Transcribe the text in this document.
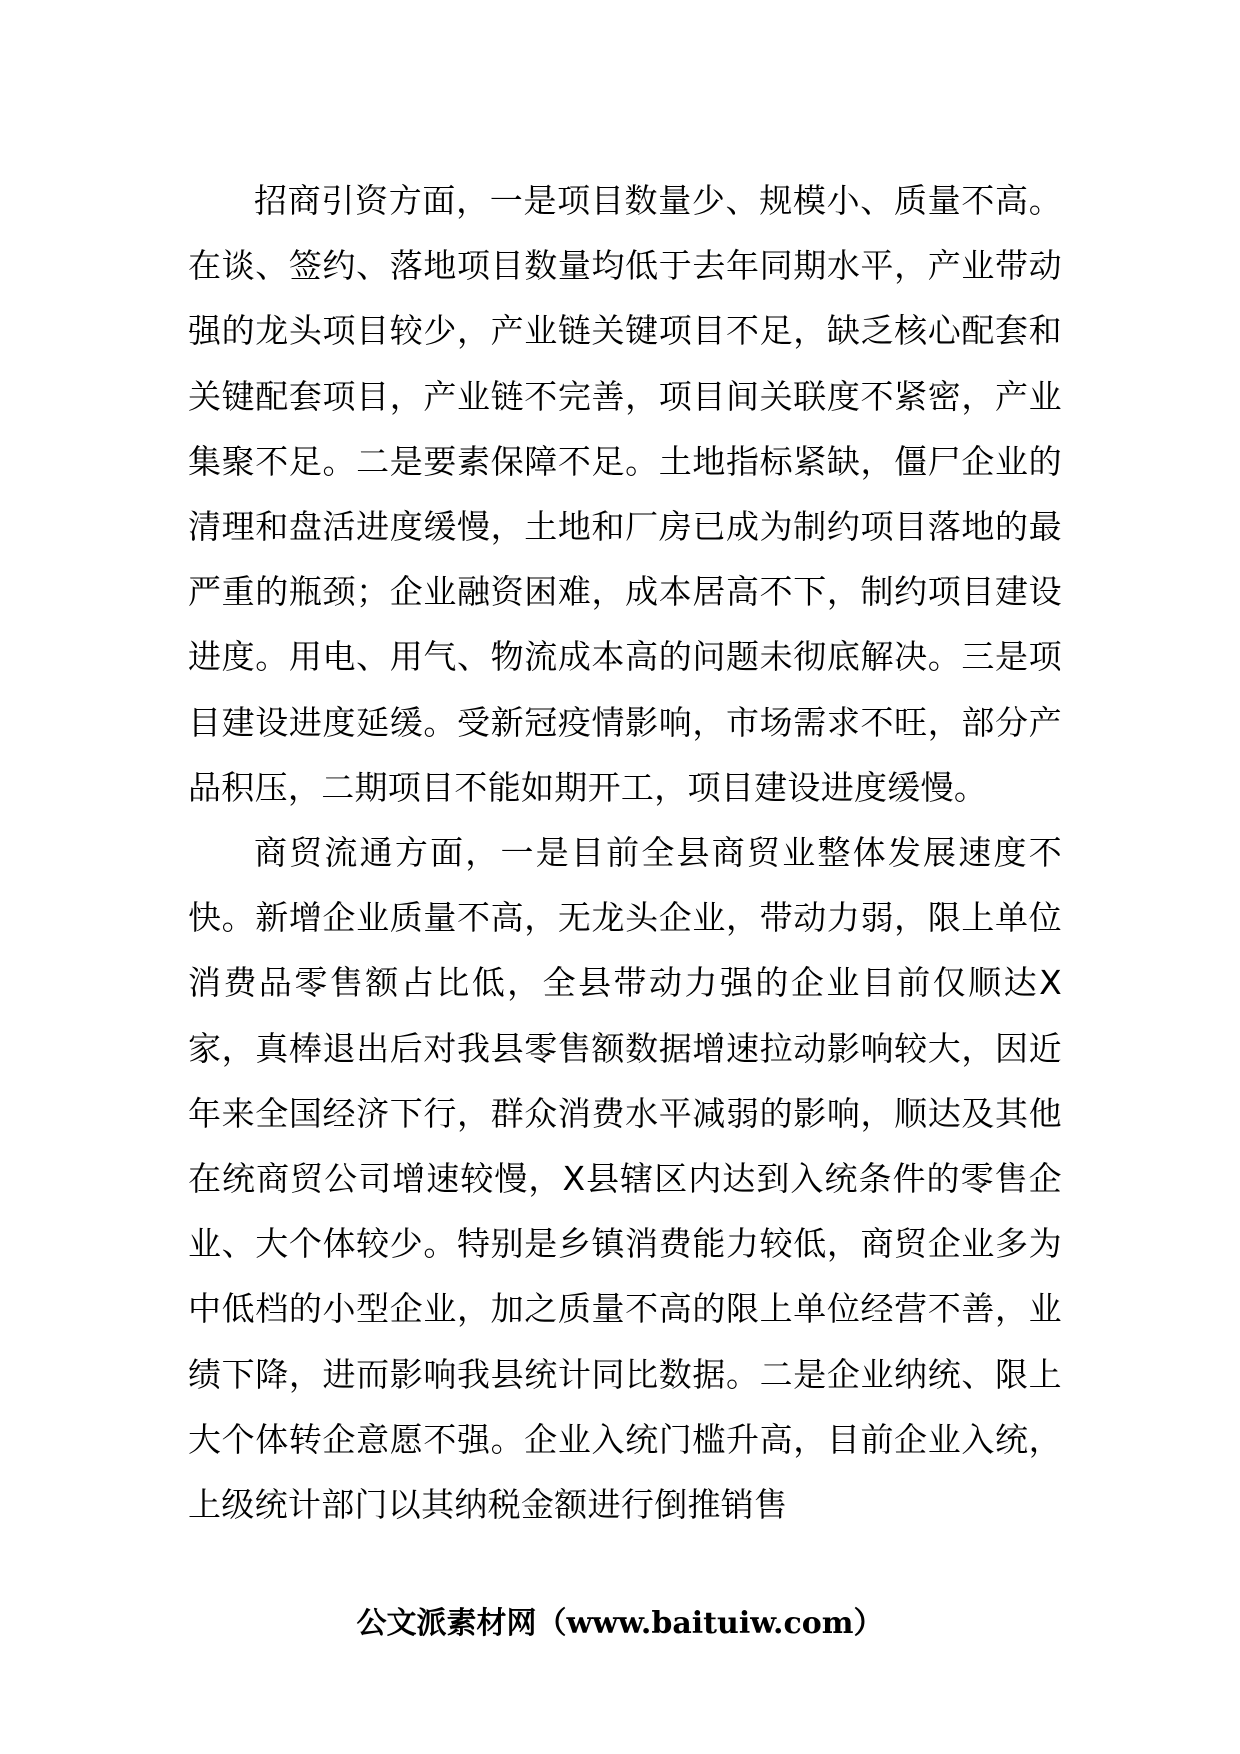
招商引资方面，一是项目数量少、规模小、质量不高。在谈、签约、落地项目数量均低于去年同期水平，产业带动强的龙头项目较少，产业链关键项目不足，缺乏核心配套和关键配套项目，产业链不完善，项目间关联度不紧密，产业集聚不足。二是要素保障不足。土地指标紧缺，僵尸企业的清理和盘活进度缓慢，土地和厂房已成为制约项目落地的最严重的瓶颈；企业融资困难，成本居高不下，制约项目建设进度。用电、用气、物流成本高的问题未彻底解决。三是项目建设进度延缓。受新冠疫情影响，市场需求不旺，部分产品积压，二期项目不能如期开工，项目建设进度缓慢。

商贸流通方面，一是目前全县商贸业整体发展速度不快。新增企业质量不高，无龙头企业，带动力弱，限上单位消费品零售额占比低，全县带动力强的企业目前仅顺达X家，真棒退出后对我县零售额数据增速拉动影响较大，因近年来全国经济下行，群众消费水平减弱的影响，顺达及其他在统商贸公司增速较慢，X县辖区内达到入统条件的零售企业、大个体较少。特别是乡镇消费能力较低，商贸企业多为中低档的小型企业，加之质量不高的限上单位经营不善，业绩下降，进而影响我县统计同比数据。二是企业纳统、限上大个体转企意愿不强。企业入统门槛升高，目前企业入统，上级统计部门以其纳税金额进行倒推销售

公文派素材网（www.baituiw.com）
